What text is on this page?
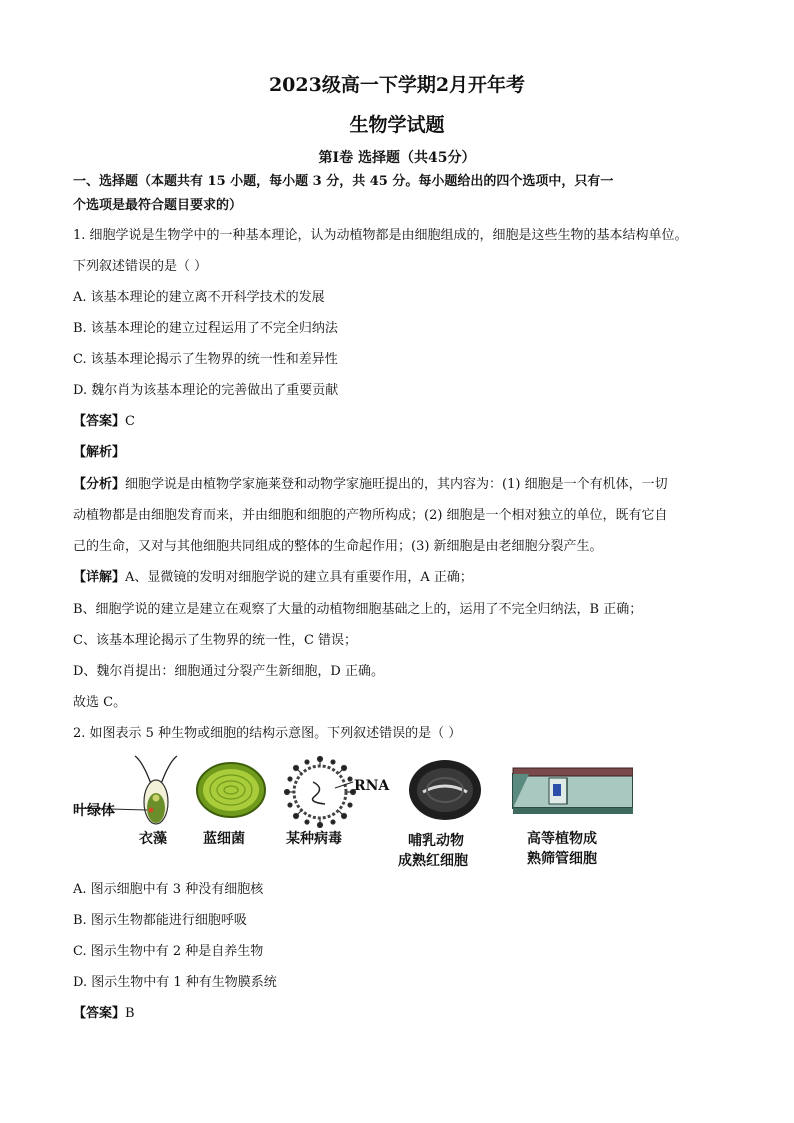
2023级高一下学期2月开年考
生物学试题
第Ⅰ卷 选择题（共45分）
一、选择题（本题共有 15 小题，每小题 3 分，共 45 分。每小题给出的四个选项中，只有一
个选项是最符合题目要求的）
1. 细胞学说是生物学中的一种基本理论，认为动植物都是由细胞组成的，细胞是这些生物的基本结构单位。
下列叙述错误的是（ ）
A. 该基本理论的建立离不开科学技术的发展
B. 该基本理论的建立过程运用了不完全归纳法
C. 该基本理论揭示了生物界的统一性和差异性
D. 魏尔肖为该基本理论的完善做出了重要贡献
【答案】C
【解析】
【分析】细胞学说是由植物学家施莱登和动物学家施旺提出的，其内容为：(1) 细胞是一个有机体，一切
动植物都是由细胞发育而来，并由细胞和细胞的产物所构成；(2) 细胞是一个相对独立的单位，既有它自
己的生命，又对与其他细胞共同组成的整体的生命起作用；(3) 新细胞是由老细胞分裂产生。
【详解】A、显微镜的发明对细胞学说的建立具有重要作用，A 正确；
B、细胞学说的建立是建立在观察了大量的动植物细胞基础之上的，运用了不完全归纳法，B 正确；
C、该基本理论揭示了生物界的统一性，C 错误；
D、魏尔肖提出：细胞通过分裂产生新细胞，D 正确。
故选 C。
2. 如图表示 5 种生物或细胞的结构示意图。下列叙述错误的是（ ）
叶绿体
RNA
衣藻	蓝细菌	某种病毒	哺乳动物
成熟红细胞
高等植物成
熟筛管细胞
A. 图示细胞中有 3 种没有细胞核
B. 图示生物都能进行细胞呼吸
C. 图示生物中有 2 种是自养生物
D. 图示生物中有 1 种有生物膜系统
【答案】B
